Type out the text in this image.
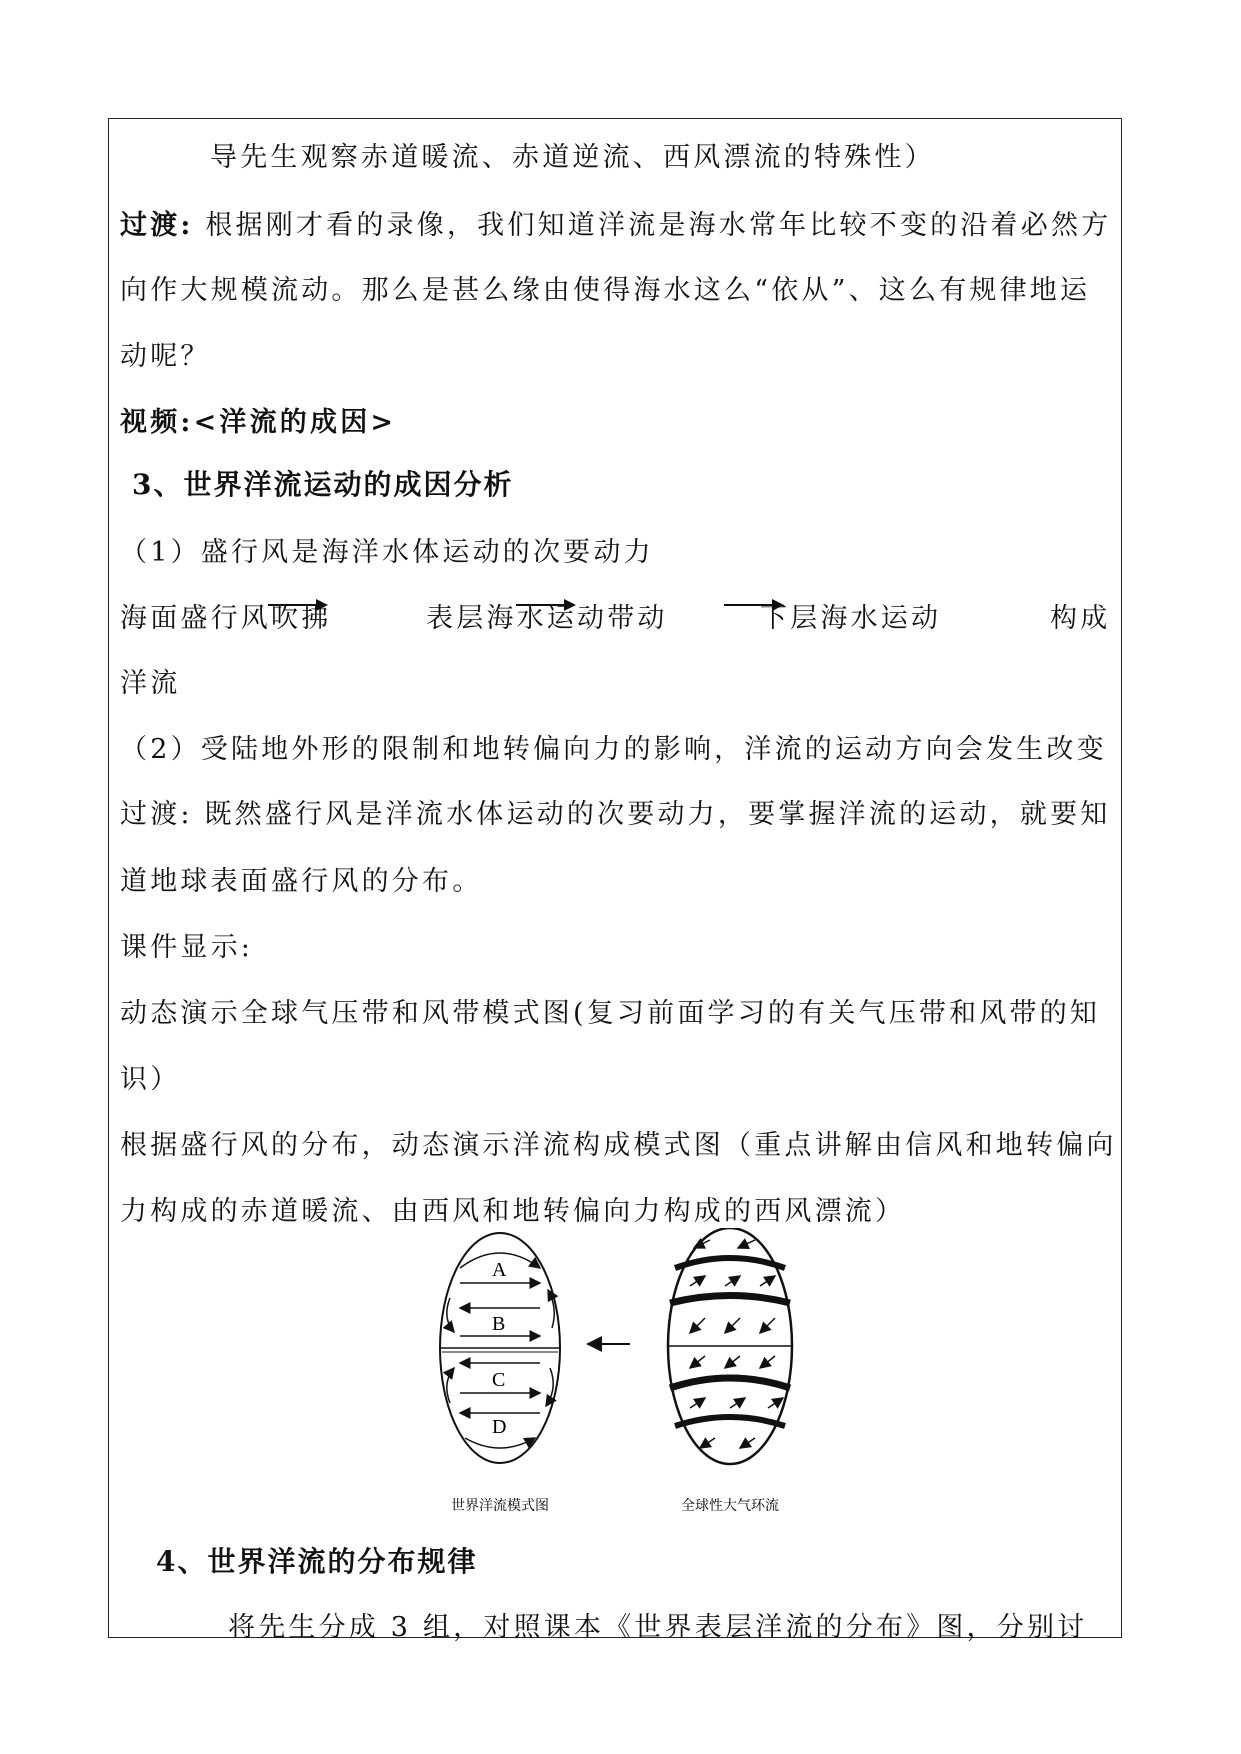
导先生观察赤道暖流、赤道逆流、西风漂流的特殊性）
过渡: 根据刚才看的录像，我们知道洋流是海水常年比较不变的沿着必然方
向作大规模流动。那么是甚么缘由使得海水这么“依从”、这么有规律地运
动呢？
视频:<洋流的成因>
3、世界洋流运动的成因分析
（1）盛行风是海洋水体运动的次要动力
海面盛行风吹拂	表层海水运动带动	下层海水运动	构成
洋流
（2）受陆地外形的限制和地转偏向力的影响，洋流的运动方向会发生改变
过渡: 既然盛行风是洋流水体运动的次要动力，要掌握洋流的运动，就要知
道地球表面盛行风的分布。
课件显示:
动态演示全球气压带和风带模式图(复习前面学习的有关气压带和风带的知
识）
根据盛行风的分布，动态演示洋流构成模式图（重点讲解由信风和地转偏向
力构成的赤道暖流、由西风和地转偏向力构成的西风漂流）
A
B
C
D
世界洋流模式图	全球性大气环流
4、世界洋流的分布规律
将先生分成 3 组，对照课本《世界表层洋流的分布》图，分别讨
